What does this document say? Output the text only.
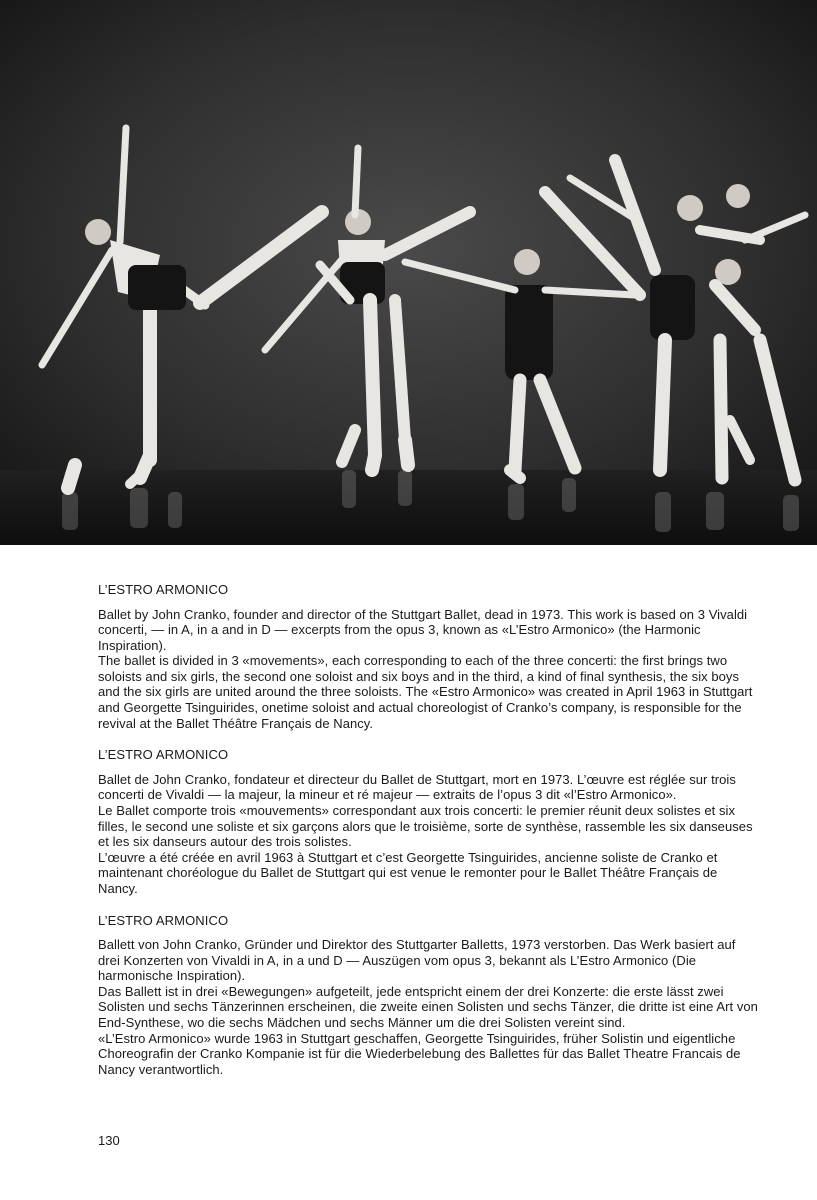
L’ESTRO ARMONICO

Ballet by John Cranko, founder and director of the Stuttgart Ballet, dead in 1973. This work is based on 3 Vivaldi concerti, — in A, in a and in D — excerpts from the opus 3, known as «L’Estro Armonico» (the Harmonic Inspiration).

The ballet is divided in 3 «movements», each corresponding to each of the three concerti: the first brings two soloists and six girls, the second one soloist and six boys and in the third, a kind of final synthesis, the six boys and the six girls are united around the three soloists. The «Estro Armonico» was created in April 1963 in Stuttgart and Georgette Tsinguirides, onetime soloist and actual choreologist of Cranko’s company, is responsible for the revival at the Ballet Théâtre Français de Nancy.

L’ESTRO ARMONICO

Ballet de John Cranko, fondateur et directeur du Ballet de Stuttgart, mort en 1973. L’œuvre est réglée sur trois concerti de Vivaldi — la majeur, la mineur et ré majeur — extraits de l’opus 3 dit «l’Estro Armonico».

Le Ballet comporte trois «mouvements» correspondant aux trois concerti: le premier réunit deux solistes et six filles, le second une soliste et six garçons alors que le troisième, sorte de synthèse, rassemble les six danseuses et les six danseurs autour des trois solistes.

L’œuvre a été créée en avril 1963 à Stuttgart et c’est Georgette Tsinguirides, ancienne soliste de Cranko et maintenant choréologue du Ballet de Stuttgart qui est venue le remonter pour le Ballet Théâtre Français de Nancy.

L’ESTRO ARMONICO

Ballett von John Cranko, Gründer und Direktor des Stuttgarter Balletts, 1973 verstorben. Das Werk basiert auf drei Konzerten von Vivaldi in A, in a und D — Auszügen vom opus 3, bekannt als L’Estro Armonico (Die harmonische Inspiration).

Das Ballett ist in drei «Bewegungen» aufgeteilt, jede entspricht einem der drei Konzerte: die erste lässt zwei Solisten und sechs Tänzerinnen erscheinen, die zweite einen Solisten und sechs Tänzer, die dritte ist eine Art von End-Synthese, wo die sechs Mädchen und sechs Männer um die drei Solisten vereint sind.

«L’Estro Armonico» wurde 1963 in Stuttgart geschaffen, Georgette Tsinguirides, früher Solistin und eigentliche Choreografin der Cranko Kompanie ist für die Wiederbelebung des Ballettes für das Ballet Theatre Francais de Nancy verantwortlich.

130
